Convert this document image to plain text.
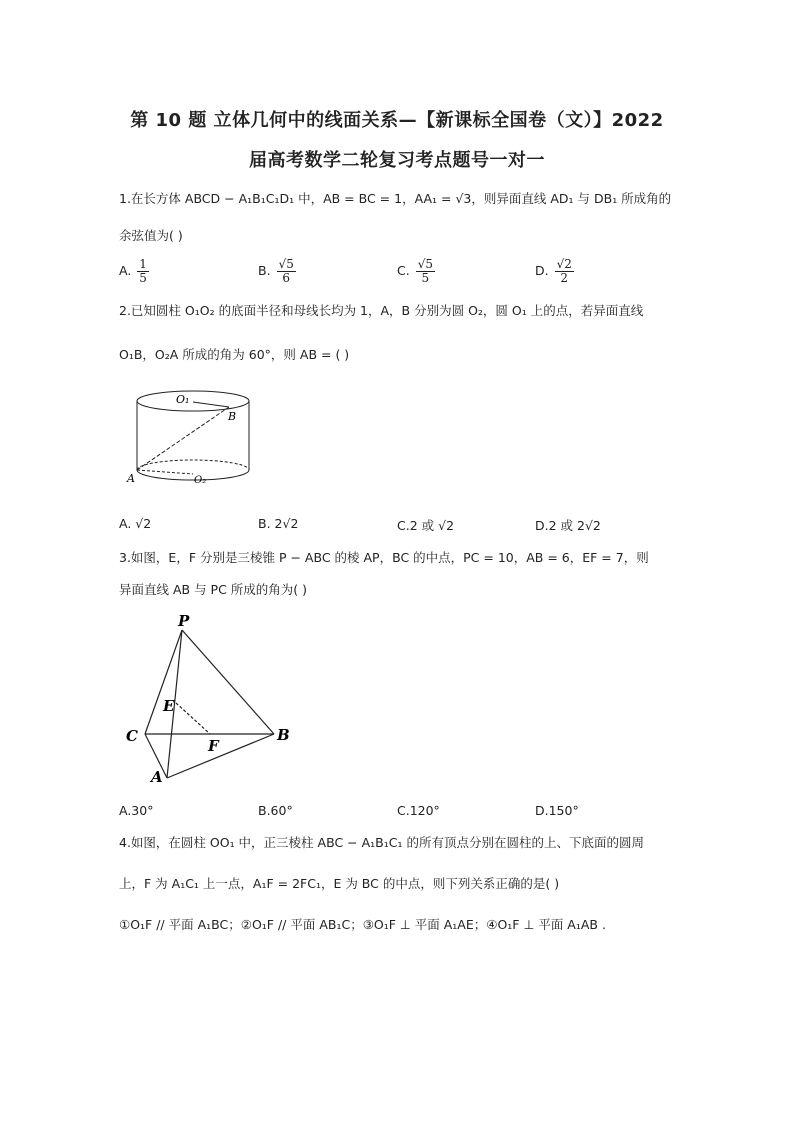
第 10 题 立体几何中的线面关系—【新课标全国卷（文）】2022
届高考数学二轮复习考点题号一对一
1.在长方体 ABCD − A₁B₁C₁D₁ 中，AB = BC = 1，AA₁ = √3，则异面直线 AD₁ 与 DB₁ 所成角的
余弦值为( )
A. $\frac{1}{5}$	B. $\frac{√5}{6}$	C. $\frac{√5}{5}$	D. $\frac{√2}{2}$
2.已知圆柱 O₁O₂ 的底面半径和母线长均为 1，A，B 分别为圆 O₂，圆 O₁ 上的点，若异面直线
O₁B，O₂A 所成的角为 60°，则 AB = ( )
O₁
B
A	O₂
A. √2	B. 2√2	C.2 或 √2	D.2 或 2√2
3.如图，E，F 分别是三棱锥 P − ABC 的棱 AP，BC 的中点，PC = 10，AB = 6，EF = 7，则
异面直线 AB 与 PC 所成的角为( )
P
E
C
F
B
A
A.30°	B.60°	C.120°	D.150°
4.如图，在圆柱 OO₁ 中，正三棱柱 ABC − A₁B₁C₁ 的所有顶点分别在圆柱的上、下底面的圆周
上，F 为 A₁C₁ 上一点，A₁F = 2FC₁，E 为 BC 的中点，则下列关系正确的是( )
①O₁F // 平面 A₁BC；②O₁F // 平面 AB₁C；③O₁F ⊥ 平面 A₁AE；④O₁F ⊥ 平面 A₁AB .
